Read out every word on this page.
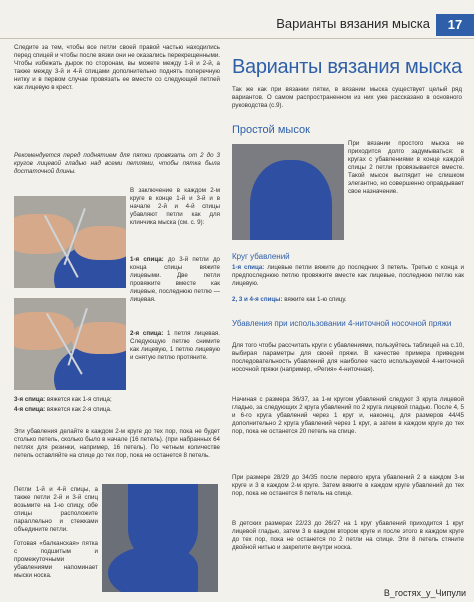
Варианты вязания мыска	17
Следите за тем, чтобы все петли своей правой частью находились перед спицей и чтобы после вязки они не оказались перекрещенными. Чтобы избежать дырок по сторонам, вы можете между 1-й и 2-й, а также между 3-й и 4-й спицами дополнительно поднять поперечную нитку и в первом случае провязать ее вместе со следующей петлей как лицевую в крест.
Рекомендуется перед поднятием для пятки провязать от 2 до 3 кругов лицевой гладью над всеми петлями, чтобы пятка была достаточной длины.
В заключение в каждом 2-м круге в конце 1-й и 3-й и в начале 2-й и 4-й спицы убавляют петли как для клинчика мыска (см. с. 9):
1-я спица: до 3-й петли до конца спицы вяжите лицевыми. Две петли провяжите вместе как лицевые, последнюю петлю — лицевая.
2-я спица: 1 петля лицевая. Следующую петлю снимите как лицевую, 1 петлю лицевую и снятую петлю протяните.
3-я спица: вяжется как 1-я спица;
4-я спица: вяжется как 2-я спица.
Эти убавления делайте в каждом 2-м круге до тех пор, пока не будет столько петель, сколько было в начале (16 петель). (при набранных 64 петлях для резинки, например, 16 петель). По четным количестве петель оставляйте на спице до тех пор, пока не останется 8 петель.
Петли 1-й и 4-й спицы, а также петли 2-й и 3-й спиц возьмите на 1-ю спицу, обе спицы расположите параллельно и стежками объедините петли.
Готовая «балканская» пятка с подшитым и промежуточными убавлениями напоминает мыски носка.
Варианты вязания мыска
Так же как при вязании пятки, в вязании мыска существует целый ряд вариантов. О самом распространенном из них уже рассказано в основного руководства (с.9).
Простой мысок
При вязании простого мыска не приходится долго задумываться: в кругах с убавлениями в конце каждой спицы 2 петли провязывается вместе. Такой мысок выглядит не слишком элегантно, но совершенно оправдывает свое назначение.
Круг убавлений
1-я спица: лицевые петли вяжите до последних 3 петель. Третью с конца и предпоследнюю петлю провяжите вместе как лицевые, последнюю петлю как лицевую.
2, 3 и 4-я спицы: вяжите как 1-ю спицу.
Убавления при использовании 4-ниточной носочной пряжи
Для того чтобы рассчитать круги с убавлениями, пользуйтесь таблицей на с.10, выбирая параметры для своей пряжи. В качестве примера приведем последовательность убавлений для наиболее часто используемой 4-ниточной носочной пряжи (например, «Регия» 4-ниточная).
Начиная с размера 36/37, за 1-м кругом убавлений следуют 3 круга лицевой гладью, за следующих 2 круга убавлений по 2 круга лицевой гладью. После 4, 5 и 6-го круга убавлений через 1 круг и, наконец, для размеров 44/45 дополнительно 2 круга убавлений через 1 круг, а затем в каждом круге до тех пор, пока не останется 20 петель на спице.
При размере 28/29 до 34/35 после первого круга убавлений 2 в каждом 3-м круге и 3 в каждом 2-м круге. Затем вяжите в каждом круге убавлений до тех пор, пока не останется 8 петель на спице.
В детских размерах 22/23 до 26/27 на 1 круг убавлений приходится 1 круг лицевой гладью, затем 3 в каждом втором круге и после этого в каждом круге до тех пор, пока не останется по 2 петли на спице. Эти 8 петель стяните двойной нитью и закрепите внутри носка.
В_гостях_у_Чипули
